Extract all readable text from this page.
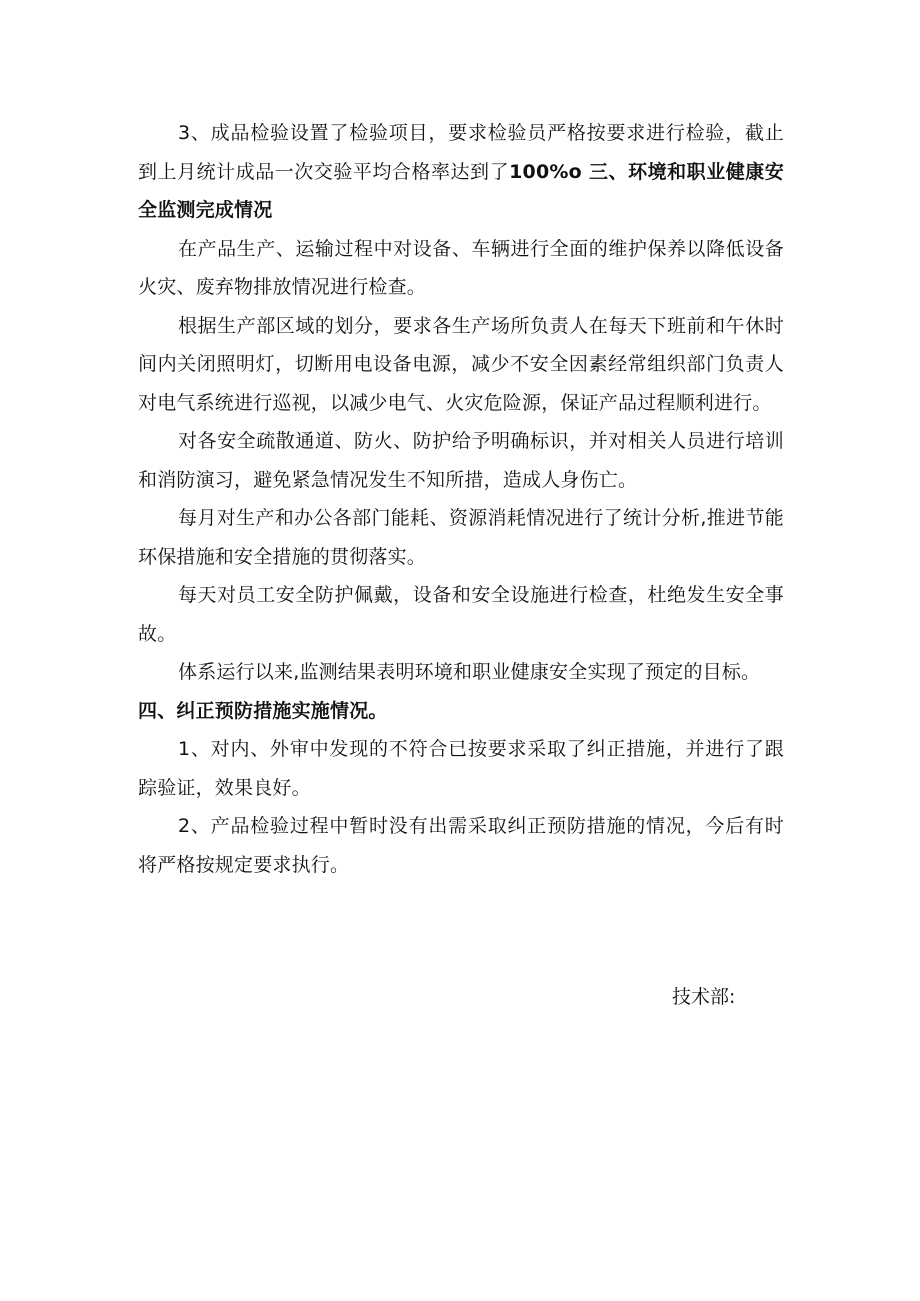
3、成品检验设置了检验项目，要求检验员严格按要求进行检验，截止到上月统计成品一次交验平均合格率达到了100%o 三、环境和职业健康安全监测完成情况

在产品生产、运输过程中对设备、车辆进行全面的维护保养以降低设备火灾、废弃物排放情况进行检查。

根据生产部区域的划分，要求各生产场所负责人在每天下班前和午休时间内关闭照明灯，切断用电设备电源，减少不安全因素经常组织部门负责人对电气系统进行巡视，以减少电气、火灾危险源，保证产品过程顺利进行。

对各安全疏散通道、防火、防护给予明确标识，并对相关人员进行培训和消防演习，避免紧急情况发生不知所措，造成人身伤亡。

每月对生产和办公各部门能耗、资源消耗情况进行了统计分析,推进节能环保措施和安全措施的贯彻落实。

每天对员工安全防护佩戴，设备和安全设施进行检查，杜绝发生安全事故。

体系运行以来,监测结果表明环境和职业健康安全实现了预定的目标。

四、纠正预防措施实施情况。

1、对内、外审中发现的不符合已按要求采取了纠正措施，并进行了跟踪验证，效果良好。

2、产品检验过程中暂时没有出需采取纠正预防措施的情况，今后有时将严格按规定要求执行。

技术部:
